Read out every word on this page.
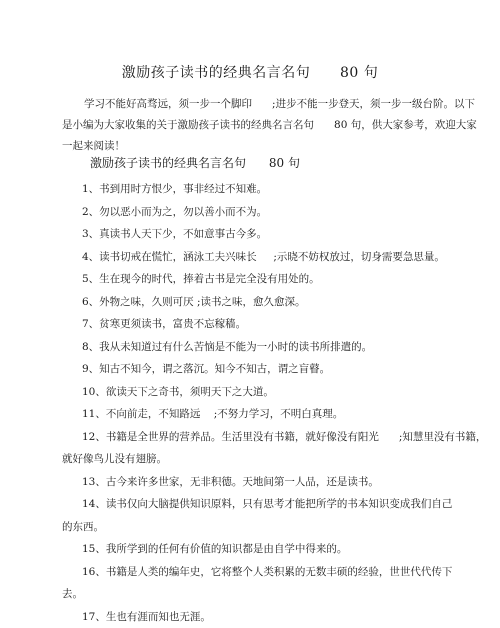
激励孩子读书的经典名言名句      80 句
学习不能好高骛远，须一步一个脚印      ;进步不能一步登天，须一步一级台阶。以下
是小编为大家收集的关于激励孩子读书的经典名言名句      80 句，供大家参考，欢迎大家
一起来阅读！
激励孩子读书的经典名言名句      80 句
1、书到用时方恨少，事非经过不知难。
2、勿以恶小而为之，勿以善小而不为。
3、真读书人天下少，不如意事古今多。
4、读书切戒在慌忙，涵泳工夫兴味长     ;示晓不妨权放过，切身需要急思量。
5、生在现今的时代，捧着古书是完全没有用处的。
6、外物之味，久则可厌 ;读书之味，愈久愈深。
7、贫寒更须读书，富贵不忘稼穑。
8、我从未知道过有什么苦恼是不能为一小时的读书所排遣的。
9、知古不知今，谓之落沉。知今不知古，谓之盲瞽。
10、欲读天下之奇书，须明天下之大道。
11、不向前走，不知路远    ;不努力学习，不明白真理。
12、书籍是全世界的营养品。生活里没有书籍，就好像没有阳光      ;知慧里没有书籍，
就好像鸟儿没有翅膀。
13、古今来许多世家，无非积德。天地间第一人品，还是读书。
14、读书仅向大脑提供知识原料，只有思考才能把所学的书本知识变成我们自己
的东西。
15、我所学到的任何有价值的知识都是由自学中得来的。
16、书籍是人类的编年史，它将整个人类积累的无数丰硕的经验，世世代代传下
去。
17、生也有涯而知也无涯。
